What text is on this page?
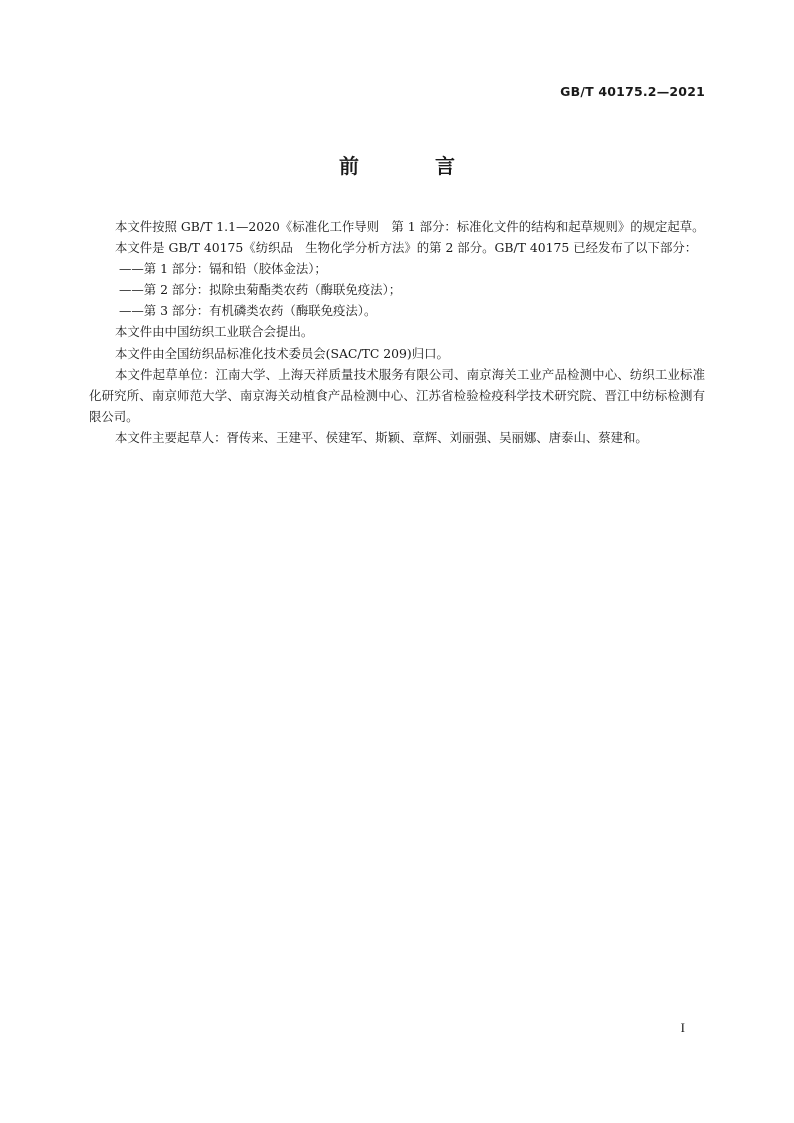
GB/T 40175.2—2021
前　言

本文件按照 GB/T 1.1—2020《标准化工作导则　第 1 部分：标准化文件的结构和起草规则》的规定起草。

本文件是 GB/T 40175《纺织品　生物化学分析方法》的第 2 部分。GB/T 40175 已经发布了以下部分：

——第 1 部分：镉和铅（胶体金法）；

——第 2 部分：拟除虫菊酯类农药（酶联免疫法）；

——第 3 部分：有机磷类农药（酶联免疫法）。

本文件由中国纺织工业联合会提出。

本文件由全国纺织品标准化技术委员会(SAC/TC 209)归口。

本文件起草单位：江南大学、上海天祥质量技术服务有限公司、南京海关工业产品检测中心、纺织工业标准化研究所、南京师范大学、南京海关动植食产品检测中心、江苏省检验检疫科学技术研究院、晋江中纺标检测有限公司。

本文件主要起草人：胥传来、王建平、侯建军、斯颖、章辉、刘丽强、吴丽娜、唐泰山、蔡建和。

I
